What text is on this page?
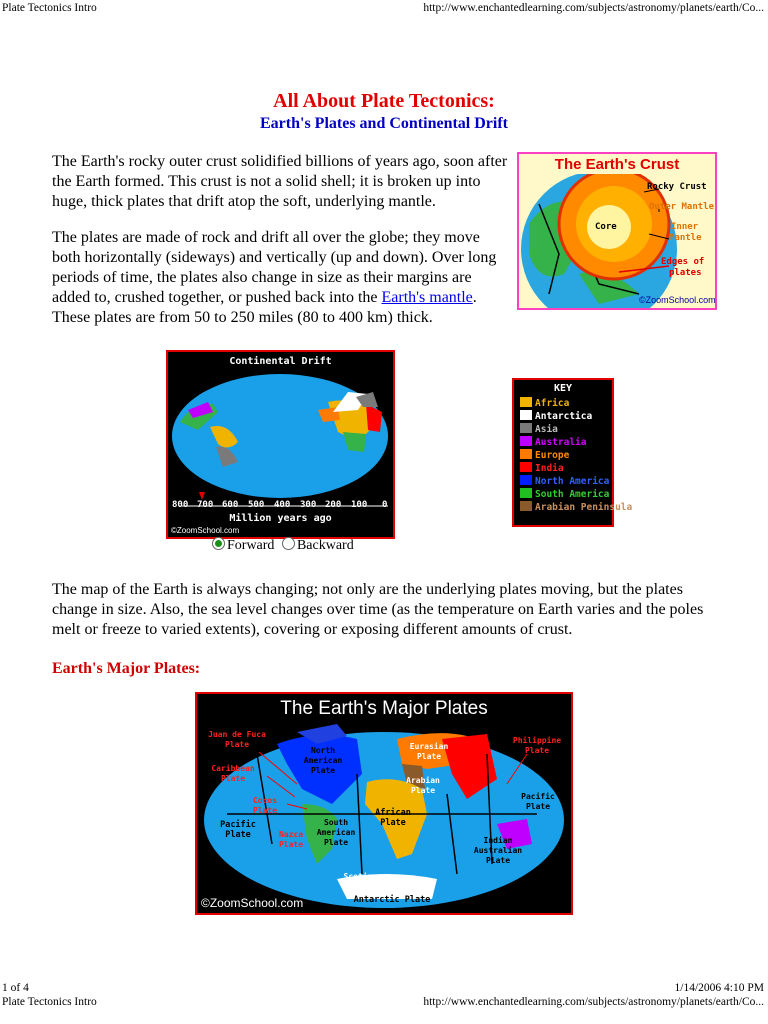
Plate Tectonics Intro	http://www.enchantedlearning.com/subjects/astronomy/planets/earth/Co...
All About Plate Tectonics:
Earth's Plates and Continental Drift

The Earth's rocky outer crust solidified billions of years ago, soon after the Earth formed. This crust is not a solid shell; it is broken up into huge, thick plates that drift atop the soft, underlying mantle.

The plates are made of rock and drift all over the globe; they move both horizontally (sideways) and vertically (up and down). Over long periods of time, the plates also change in size as their margins are added to, crushed together, or pushed back into the Earth's mantle. These plates are from 50 to 250 miles (80 to 400 km) thick.

The Earth's Crust
Rocky Crust
Outer Mantle
Core	Inner
Mantle
Edges of
plates
©ZoomSchool.com
Continental Drift
800 700 600 500 400 300 200 100 0
Million years ago
©ZoomSchool.com
Forward Backward
KEY
Africa
Antarctica
Asia
Australia
Europe
India
North America
South America
Arabian Peninsula

The map of the Earth is always changing; not only are the underlying plates moving, but the plates change in size. Also, the sea level changes over time (as the temperature on Earth varies and the poles melt or freeze to varied extents), covering or exposing different amounts of crust.

Earth's Major Plates:
The Earth's Major Plates
Juan de Fuca Plate
Caribbean Plate
Cocos Plate
Pacific Plate	Nazca Plate
North American Plate
South American Plate
Eurasian Plate
Arabian Plate
African Plate
Philippine Plate
Pacific Plate
Indian Australian Plate
Scotia Plate
Antarctic Plate
©ZoomSchool.com
1 of 4	1/14/2006 4:10 PM
Plate Tectonics Intro	http://www.enchantedlearning.com/subjects/astronomy/planets/earth/Co...
